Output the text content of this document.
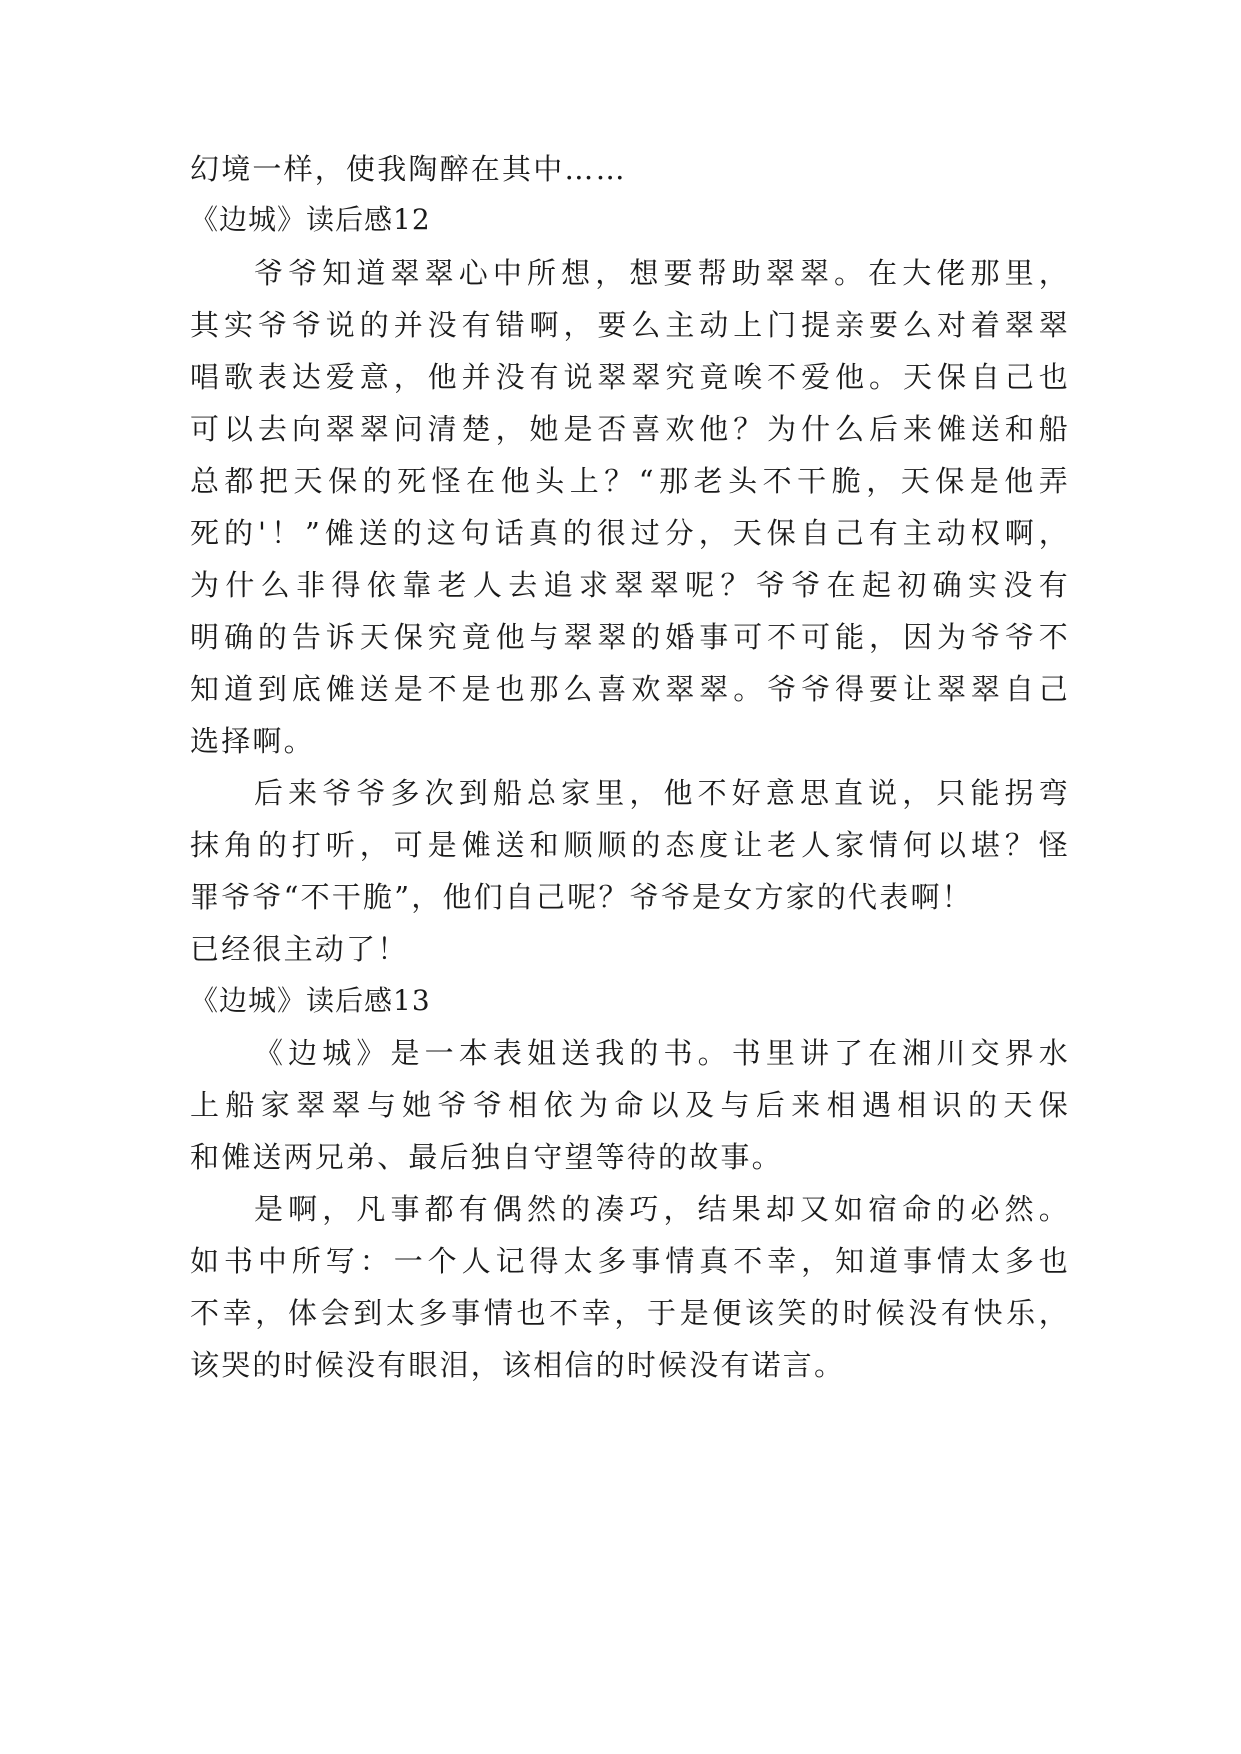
幻境一样，使我陶醉在其中……
《边城》读后感12
爷爷知道翠翠心中所想，想要帮助翠翠。在大佬那里，
其实爷爷说的并没有错啊，要么主动上门提亲要么对着翠翠
唱歌表达爱意，他并没有说翠翠究竟唉不爱他。天保自己也
可以去向翠翠问清楚，她是否喜欢他？为什么后来傩送和船
总都把天保的死怪在他头上？“那老头不干脆，天保是他弄
死的'！”傩送的这句话真的很过分，天保自己有主动权啊，
为什么非得依靠老人去追求翠翠呢？爷爷在起初确实没有
明确的告诉天保究竟他与翠翠的婚事可不可能，因为爷爷不
知道到底傩送是不是也那么喜欢翠翠。爷爷得要让翠翠自己
选择啊。
后来爷爷多次到船总家里，他不好意思直说，只能拐弯
抹角的打听，可是傩送和顺顺的态度让老人家情何以堪？怪
罪爷爷“不干脆”，他们自己呢？爷爷是女方家的代表啊！
已经很主动了！
《边城》读后感13
《边城》是一本表姐送我的书。书里讲了在湘川交界水
上船家翠翠与她爷爷相依为命以及与后来相遇相识的天保
和傩送两兄弟、最后独自守望等待的故事。
是啊，凡事都有偶然的凑巧，结果却又如宿命的必然。
如书中所写：一个人记得太多事情真不幸，知道事情太多也
不幸，体会到太多事情也不幸，于是便该笑的时候没有快乐，
该哭的时候没有眼泪，该相信的时候没有诺言。
